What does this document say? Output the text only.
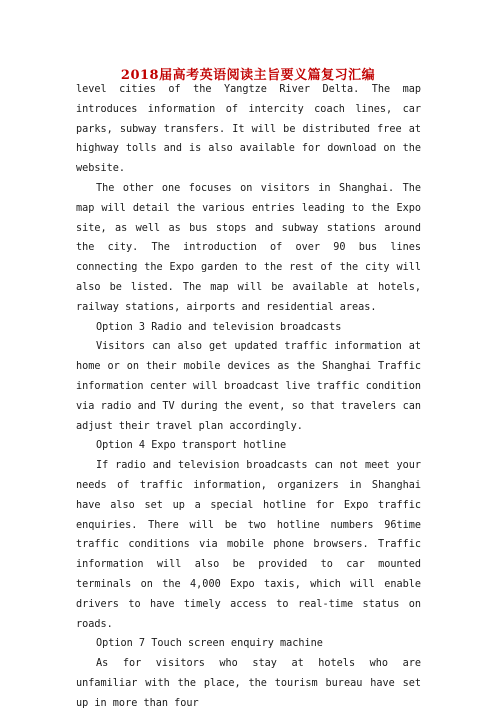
2018届高考英语阅读主旨要义篇复习汇编

level cities of the Yangtze River Delta. The map introduces information of intercity coach lines, car parks, subway transfers. It will be distributed free at highway tolls and is also available for download on the website.

The other one focuses on visitors in Shanghai. The map will detail the various entries leading to the Expo site, as well as bus stops and subway stations around the city. The introduction of over 90 bus lines connecting the Expo garden to the rest of the city will also be listed. The map will be available at hotels, railway stations, airports and residential areas.

Option 3 Radio and television broadcasts

Visitors can also get updated traffic information at home or on their mobile devices as the Shanghai Traffic information center will broadcast live traffic condition via radio and TV during the event, so that travelers can adjust their travel plan accordingly.

Option 4 Expo transport hotline

If radio and television broadcasts can not meet your needs of traffic information, organizers in Shanghai have also set up a special hotline for Expo traffic enquiries. There will be two hotline numbers 96time traffic conditions via mobile phone browsers. Traffic information will also be provided to car mounted terminals on the 4,000 Expo taxis, which will enable drivers to have timely access to real-time status on roads.

Option 7 Touch screen enquiry machine

As for visitors who stay at hotels who are unfamiliar with the place, the tourism bureau have set up in more than four
